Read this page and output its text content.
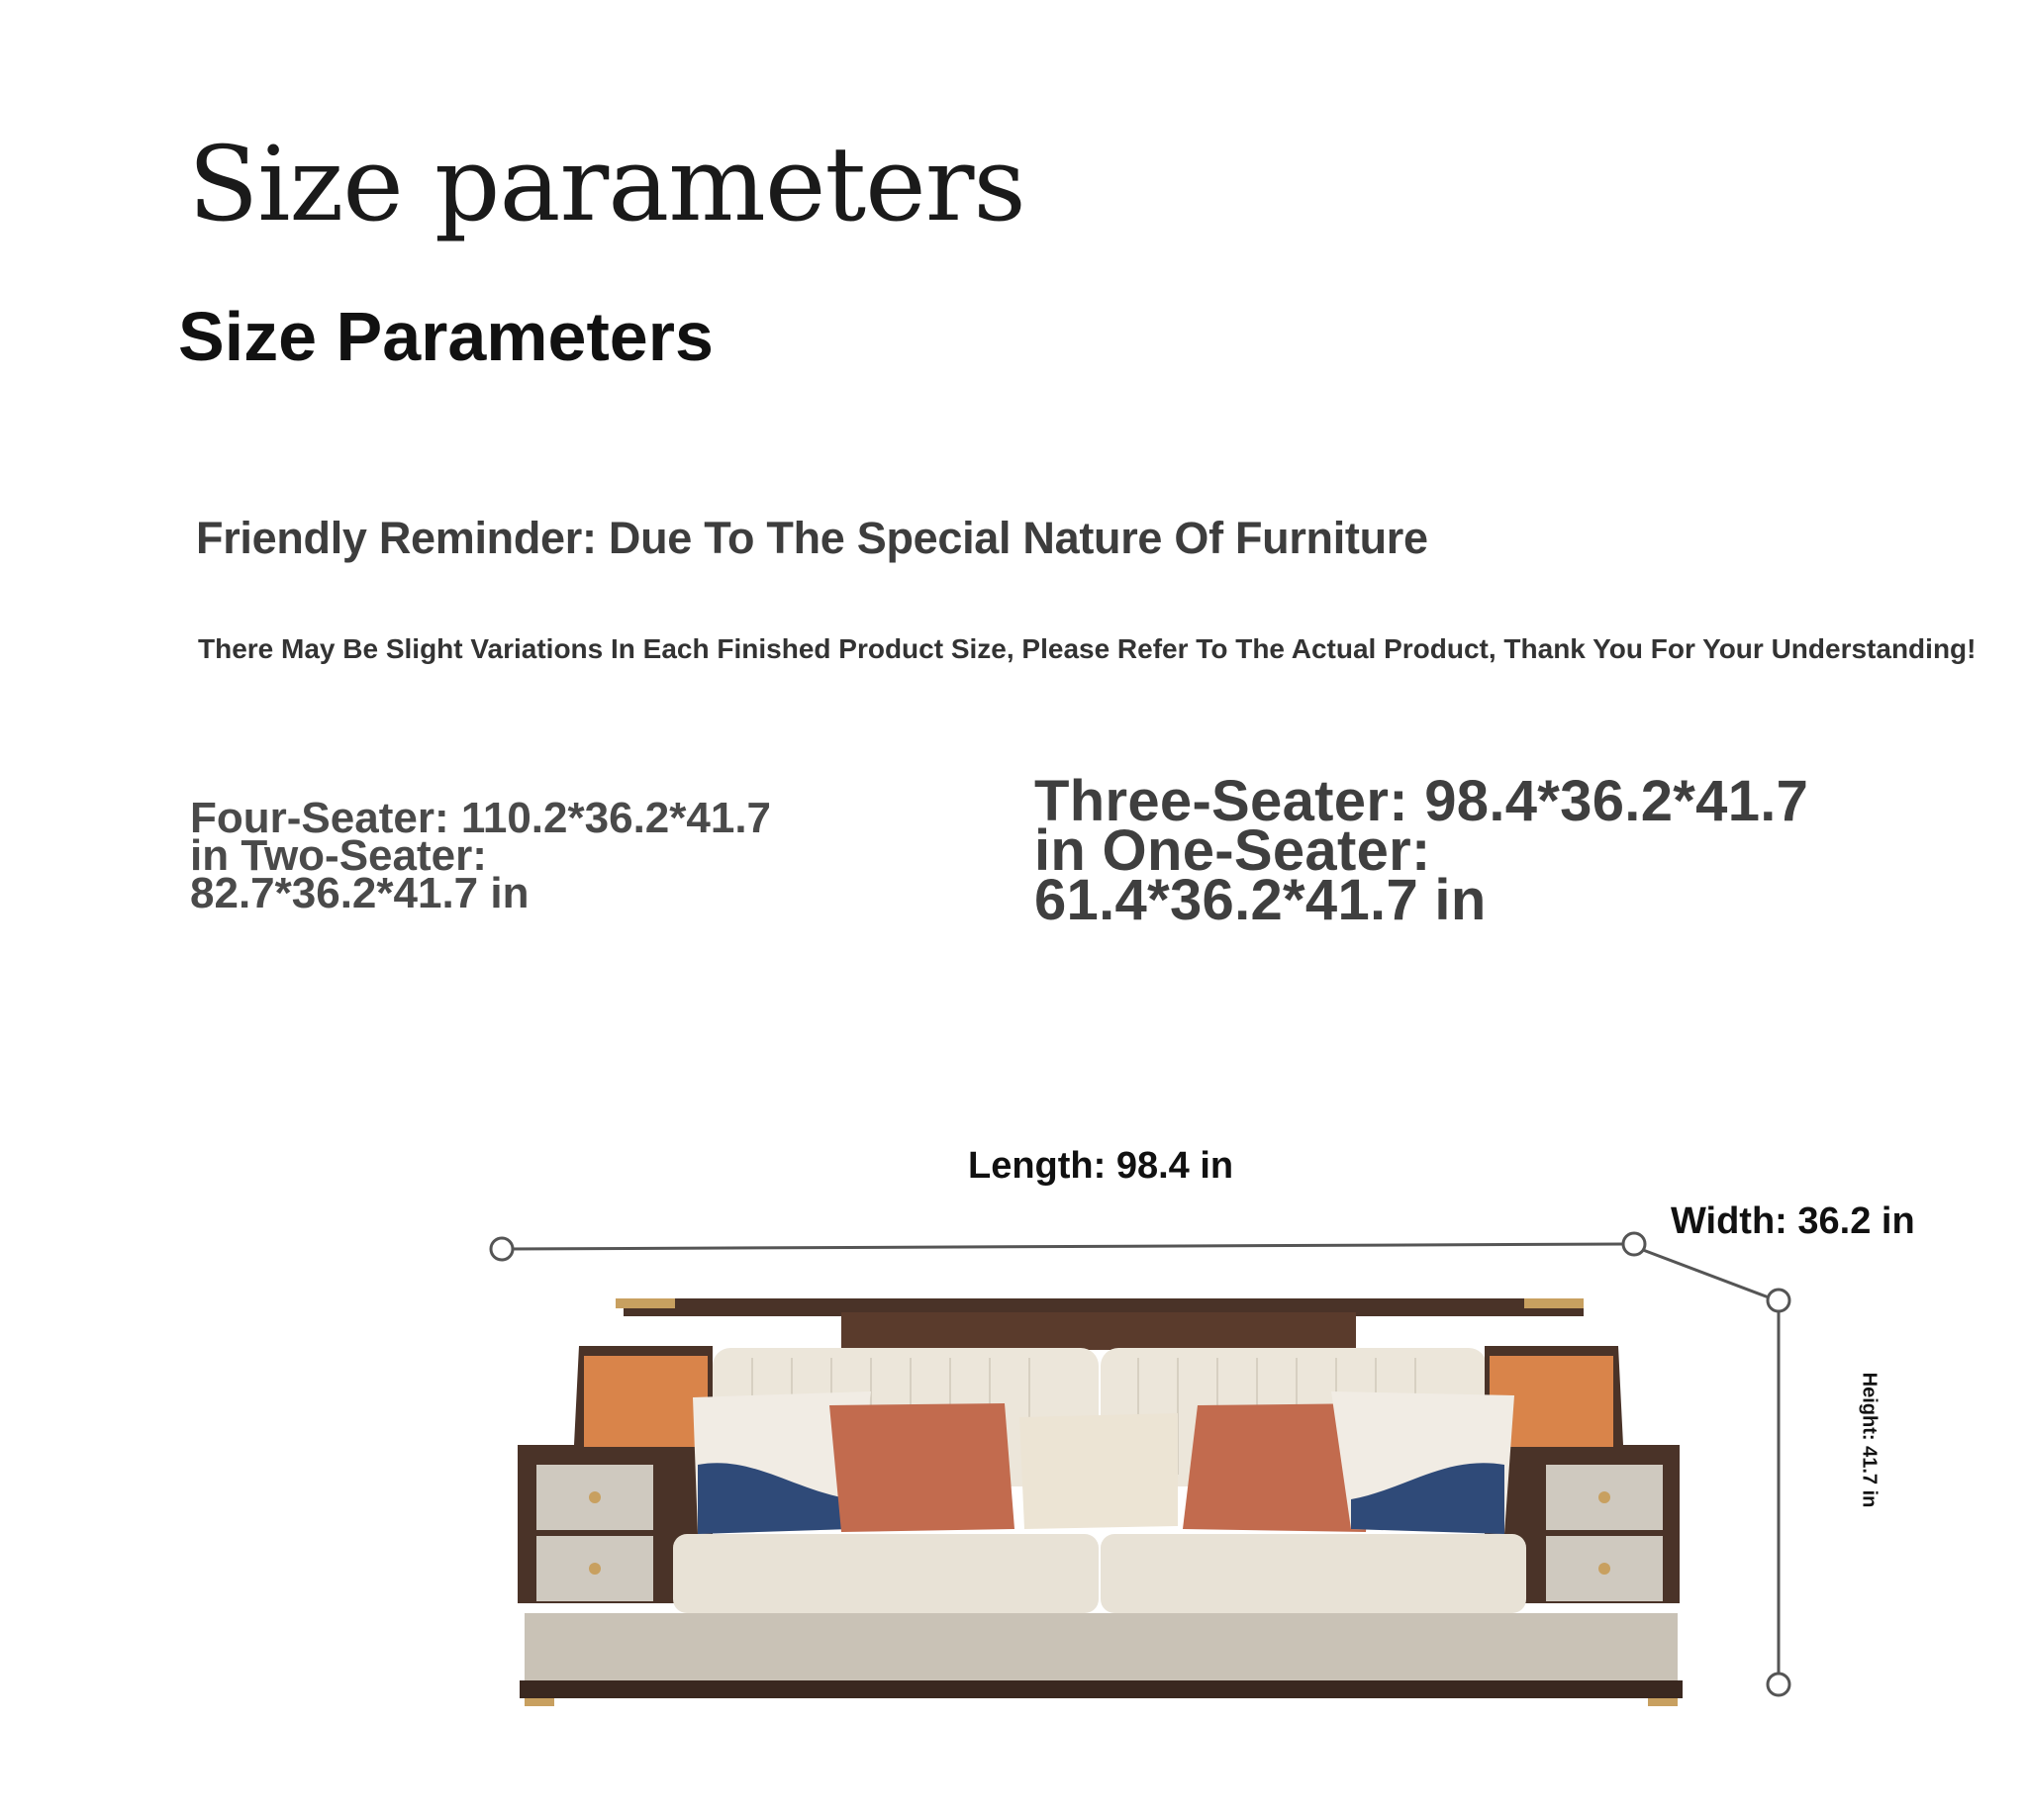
Size parameters
Size Parameters
Friendly Reminder: Due To The Special Nature Of Furniture
There May Be Slight Variations In Each Finished Product Size, Please Refer To The Actual Product, Thank You For Your Understanding!
Four-Seater: 110.2*36.2*41.7
in Two-Seater:
82.7*36.2*41.7 in
Three-Seater: 98.4*36.2*41.7
in One-Seater:
61.4*36.2*41.7 in
Length: 98.4 in
Width: 36.2 in
Height: 41.7 in
